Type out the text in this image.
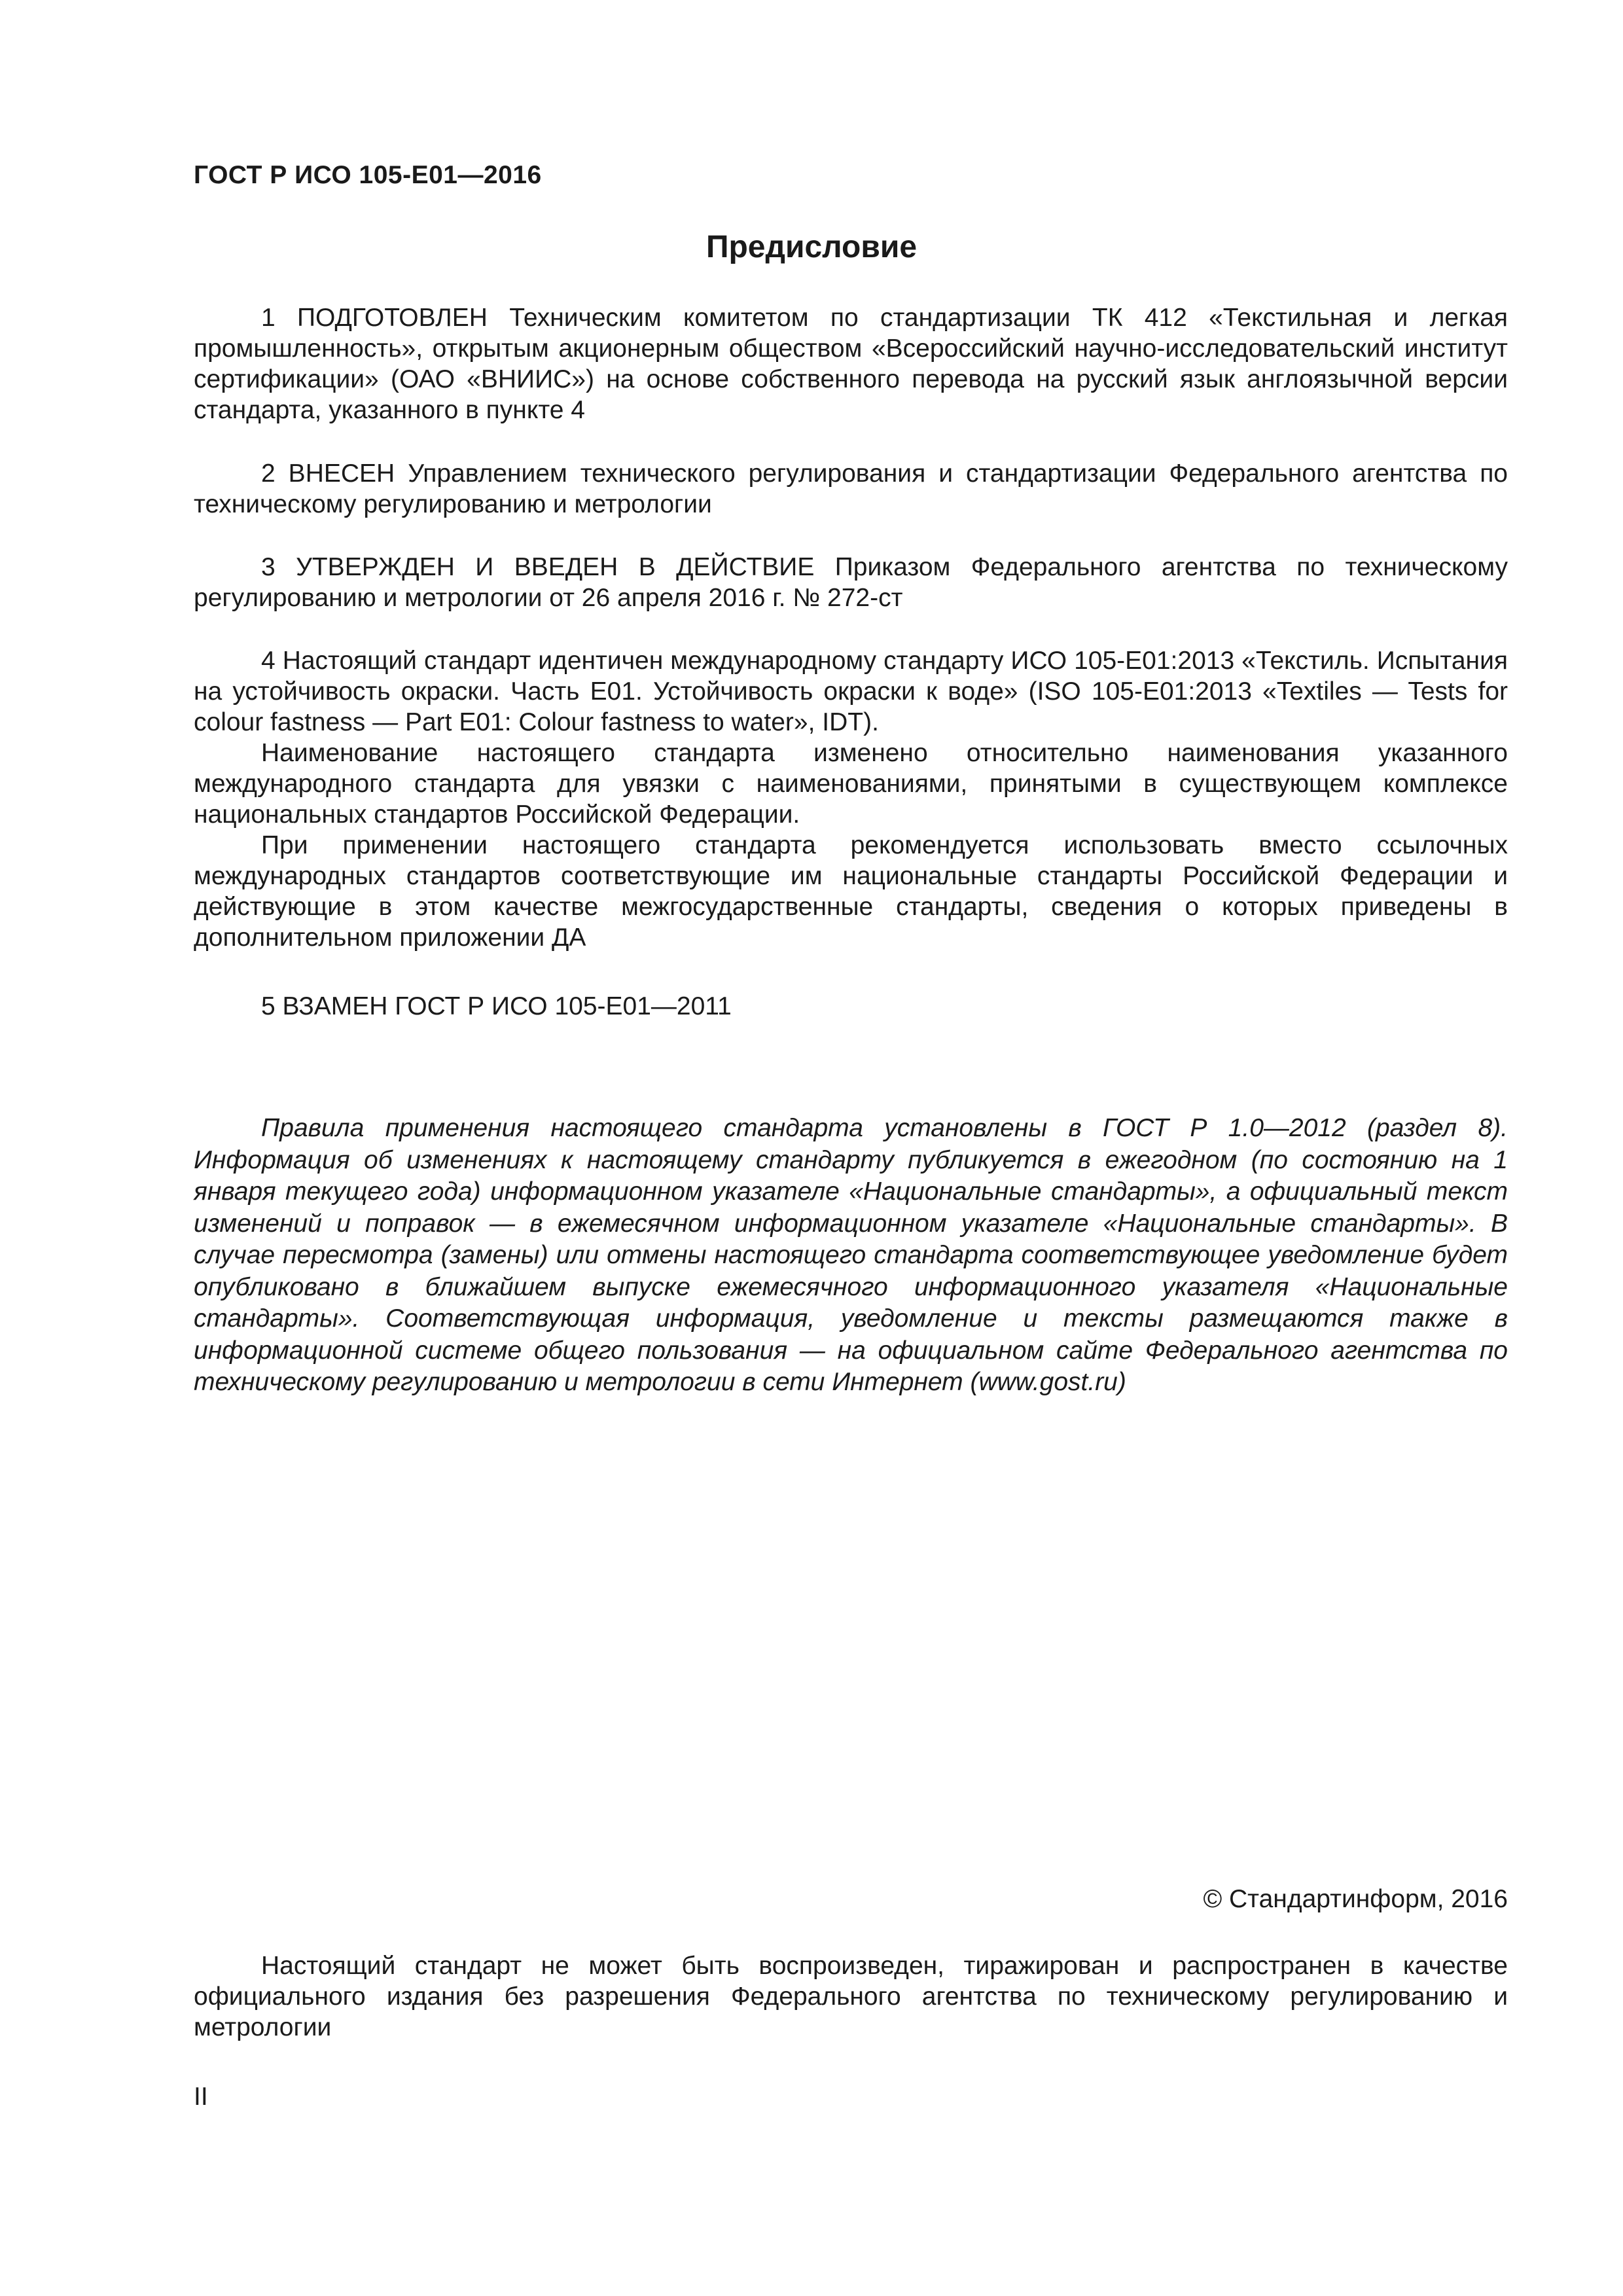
ГОСТ Р ИСО 105-E01—2016
Предисловие

1 ПОДГОТОВЛЕН Техническим комитетом по стандартизации ТК 412 «Текстильная и легкая промышленность», открытым акционерным обществом «Всероссийский научно-исследовательский институт сертификации» (ОАО «ВНИИС») на основе собственного перевода на русский язык англоязычной версии стандарта, указанного в пункте 4

2 ВНЕСЕН Управлением технического регулирования и стандартизации Федерального агентства по техническому регулированию и метрологии

3 УТВЕРЖДЕН И ВВЕДЕН В ДЕЙСТВИЕ Приказом Федерального агентства по техническому регулированию и метрологии от 26 апреля 2016 г. № 272-ст

4 Настоящий стандарт идентичен международному стандарту ИСО 105-E01:2013 «Текстиль. Испытания на устойчивость окраски. Часть E01. Устойчивость окраски к воде» (ISO 105-E01:2013 «Textiles — Tests for colour fastness — Part E01: Colour fastness to water», IDT).

Наименование настоящего стандарта изменено относительно наименования указанного международного стандарта для увязки с наименованиями, принятыми в существующем комплексе национальных стандартов Российской Федерации.

При применении настоящего стандарта рекомендуется использовать вместо ссылочных международных стандартов соответствующие им национальные стандарты Российской Федерации и действующие в этом качестве межгосударственные стандарты, сведения о которых приведены в дополнительном приложении ДА

5 ВЗАМЕН ГОСТ Р ИСО 105-E01—2011

Правила применения настоящего стандарта установлены в ГОСТ Р 1.0—2012 (раздел 8). Информация об изменениях к настоящему стандарту публикуется в ежегодном (по состоянию на 1 января текущего года) информационном указателе «Национальные стандарты», а официальный текст изменений и поправок — в ежемесячном информационном указателе «Национальные стандарты». В случае пересмотра (замены) или отмены настоящего стандарта соответствующее уведомление будет опубликовано в ближайшем выпуске ежемесячного информационного указателя «Национальные стандарты». Соответствующая информация, уведомление и тексты размещаются также в информационной системе общего пользования — на официальном сайте Федерального агентства по техническому регулированию и метрологии в сети Интернет (www.gost.ru)

© Стандартинформ, 2016

Настоящий стандарт не может быть воспроизведен, тиражирован и распространен в качестве официального издания без разрешения Федерального агентства по техническому регулированию и метрологии

II
